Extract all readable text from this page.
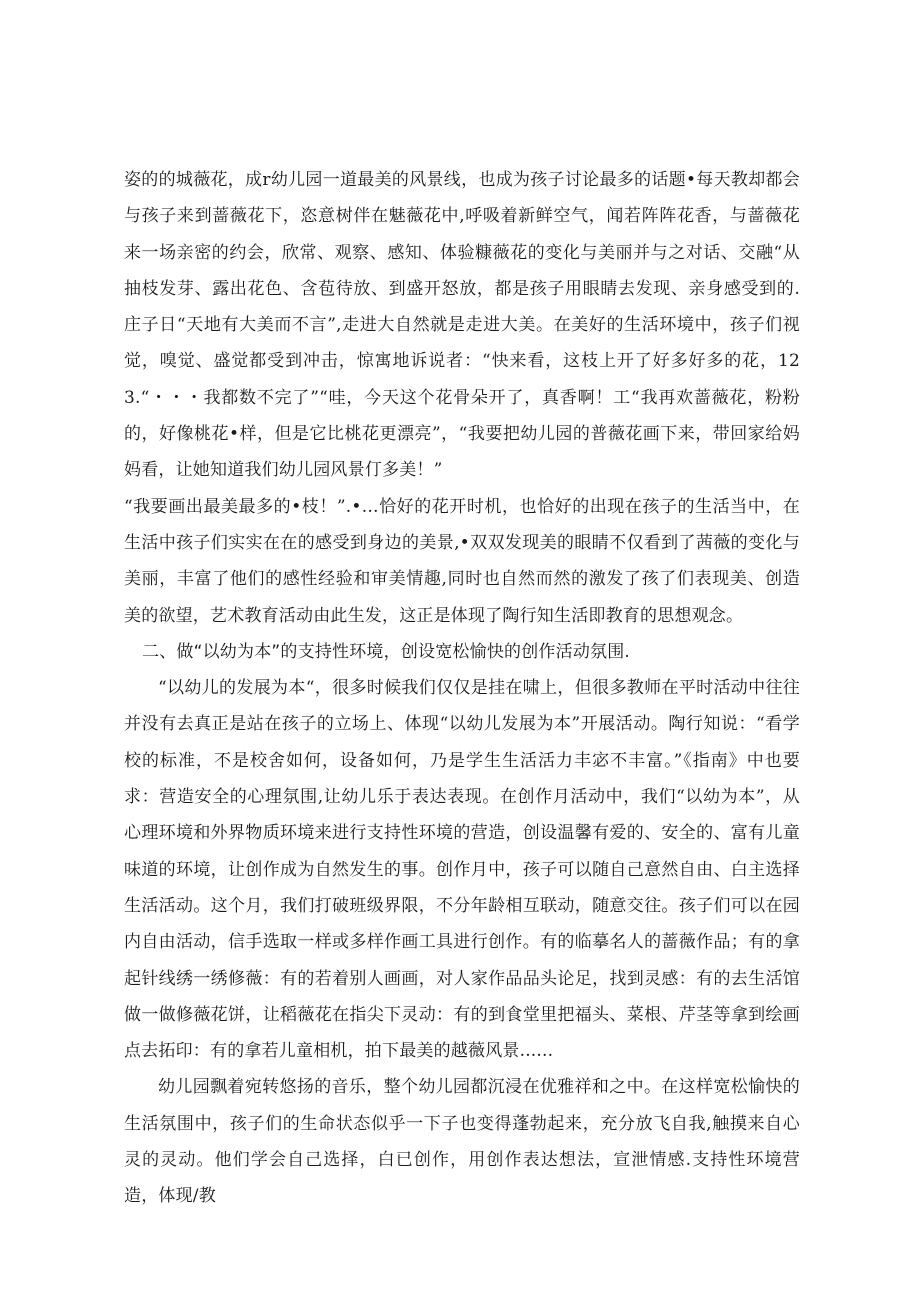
姿的的城薇花，成r幼儿园一道最美的风景线，也成为孩子讨论最多的话题•每天教却都会与孩子来到蔷薇花下，恣意树伴在魅薇花中,呼吸着新鲜空气，闻若阵阵花香，与蔷薇花来一场亲密的约会，欣常、观察、感知、体验糠薇花的变化与美丽并与之对话、交融“从抽枝发芽、露出花色、含苞待放、到盛开怒放，都是孩子用眼睛去发现、亲身感受到的.庄子日“天地有大美而不言”,走进大自然就是走进大美。在美好的生活环境中，孩子们视觉，嗅觉、盛觉都受到冲击，惊寓地诉说者：“快来看，这枝上开了好多好多的花，123.“・・・我都数不完了”“哇，今天这个花骨朵开了，真香啊！工“我再欢蔷薇花，粉粉的，好像桃花•样，但是它比桃花更漂亮”，“我要把幼儿园的普薇花画下来，带回家给妈妈看，让她知道我们幼儿园风景仃多美！”

“我要画出最美最多的•枝！”.•…恰好的花开时机，也恰好的出现在孩子的生活当中，在生活中孩子们实实在在的感受到身边的美景,•双双发现美的眼睛不仅看到了茜薇的变化与美丽，丰富了他们的感性经验和审美情趣,同时也自然而然的激发了孩了们表现美、创造美的欲望，艺术教育活动由此生发，这正是体现了陶行知生活即教育的思想观念。

二、做“以幼为本”的支持性环境，创设宽松愉快的创作活动氛围.

“以幼儿的发展为本“，很多时候我们仅仅是挂在啸上，但很多教师在平时活动中往往并没有去真正是站在孩子的立场上、体现“以幼儿发展为本”开展活动。陶行知说：“看学校的标准，不是校舍如何，设备如何，乃是学生生活活力丰宓不丰富。”《指南》中也要求：营造安全的心理氛围,让幼儿乐于表达表现。在创作月活动中，我们“以幼为本”，从心理环境和外界物质环境来进行支持性环境的营造，创设温馨有爱的、安全的、富有儿童味道的环境，让创作成为自然发生的事。创作月中，孩子可以随自己意然自由、白主选择生活活动。这个月，我们打破班级界限，不分年龄相互联动，随意交往。孩子们可以在园内自由活动，信手选取一样或多样作画工具进行创作。有的临摹名人的蔷薇作品；有的拿起针线绣一绣修薇：有的若着别人画画，对人家作品品头论足，找到灵感：有的去生活馆做一做修薇花饼，让稻薇花在指尖下灵动：有的到食堂里把福头、菜根、芹茎等拿到绘画点去拓印：有的拿若儿童相机，拍下最美的越薇风景......

幼儿园飘着宛转悠扬的音乐，整个幼儿园都沉浸在优雅祥和之中。在这样宽松愉快的生活氛围中，孩子们的生命状态似乎一下子也变得蓬勃起来，充分放飞自我,触摸来自心灵的灵动。他们学会自己选择，白已创作，用创作表达想法，宣泄情感.支持性环境营造，体现/教
